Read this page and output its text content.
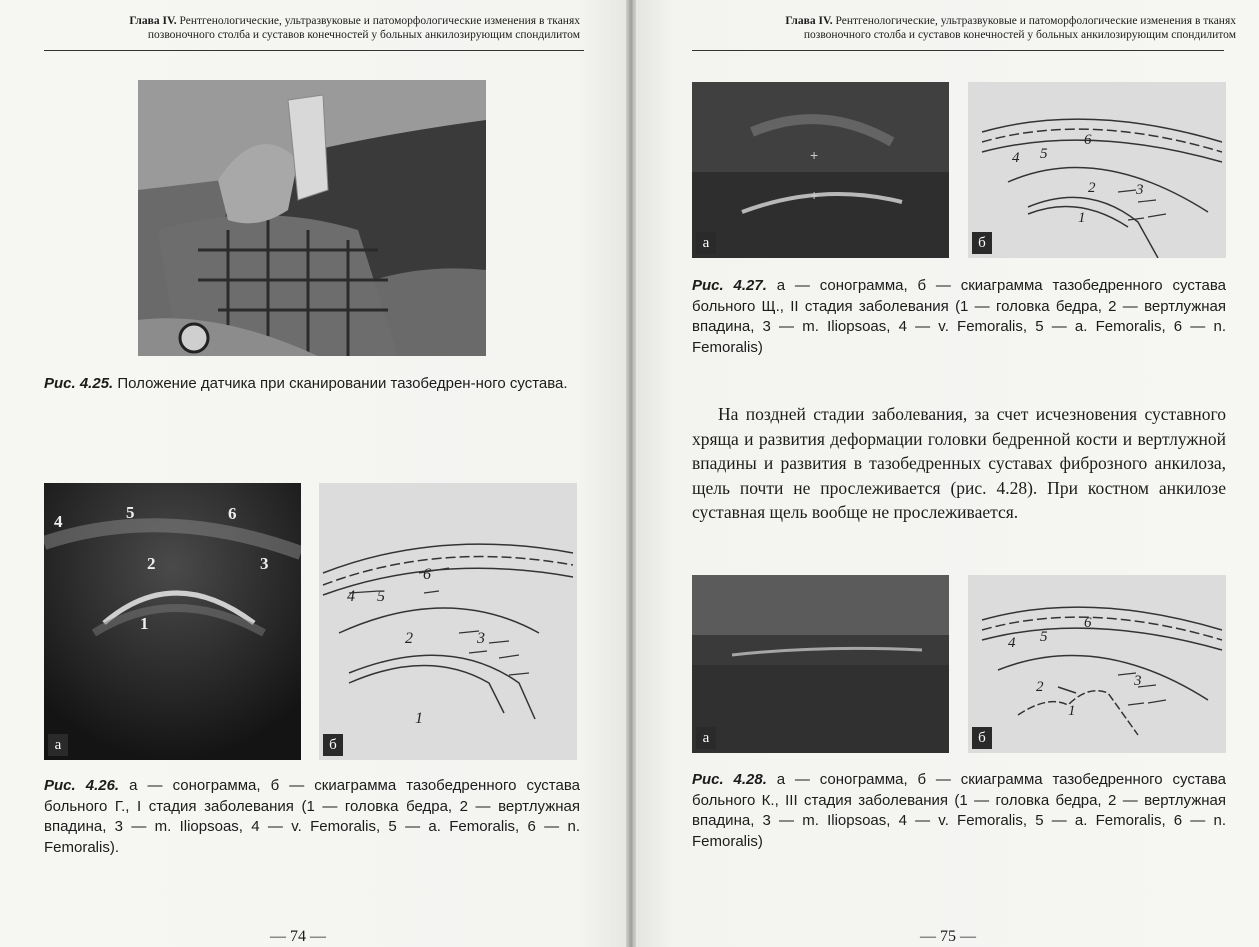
Глава IV. Рентгенологические, ультразвуковые и патоморфологические изменения в тканях
позвоночного столба и суставов конечностей у больных анкилозирующим спондилитом
Рис. 4.25. Положение датчика при сканировании тазобедрен-ного сустава.
1
2	3
4	5	6
а
1
2	3
4 5
6
б
Рис. 4.26. а — сонограмма, б — скиаграмма тазобедренного сустава больного Г., I стадия заболевания (1 — головка бедра, 2 — вертлужная впадина, 3 — m. Iliopsoas, 4 — v. Femoralis, 5 — a. Femoralis, 6 — n. Femoralis).
— 74 —
Глава IV. Рентгенологические, ультразвуковые и патоморфологические изменения в тканях
позвоночного столба и суставов конечностей у больных анкилозирующим спондилитом
+
+
а
1
2	3
4 5
6
б
Рис. 4.27. а — сонограмма, б — скиаграмма тазобедренного сустава больного Щ., II стадия заболевания (1 — головка бедра, 2 — вертлужная впадина, 3 — m. Iliopsoas, 4 — v. Femoralis, 5 — a. Femoralis, 6 — n. Femoralis)
На поздней стадии заболевания, за счет исчезновения суставного хряща и развития деформации головки бедренной кости и вертлужной впадины и развития в тазобедренных суставах фиброзного анкилоза, щель почти не прослеживается (рис. 4.28). При костном анкилозе суставная щель вообще не прослеживается.
а
1
2	3
4 5
6
б
Рис. 4.28. а — сонограмма, б — скиаграмма тазобедренного сустава больного К., III стадия заболевания (1 — головка бедра, 2 — вертлужная впадина, 3 — m. Iliopsoas, 4 — v. Femoralis, 5 — a. Femoralis, 6 — n. Femoralis)
— 75 —
